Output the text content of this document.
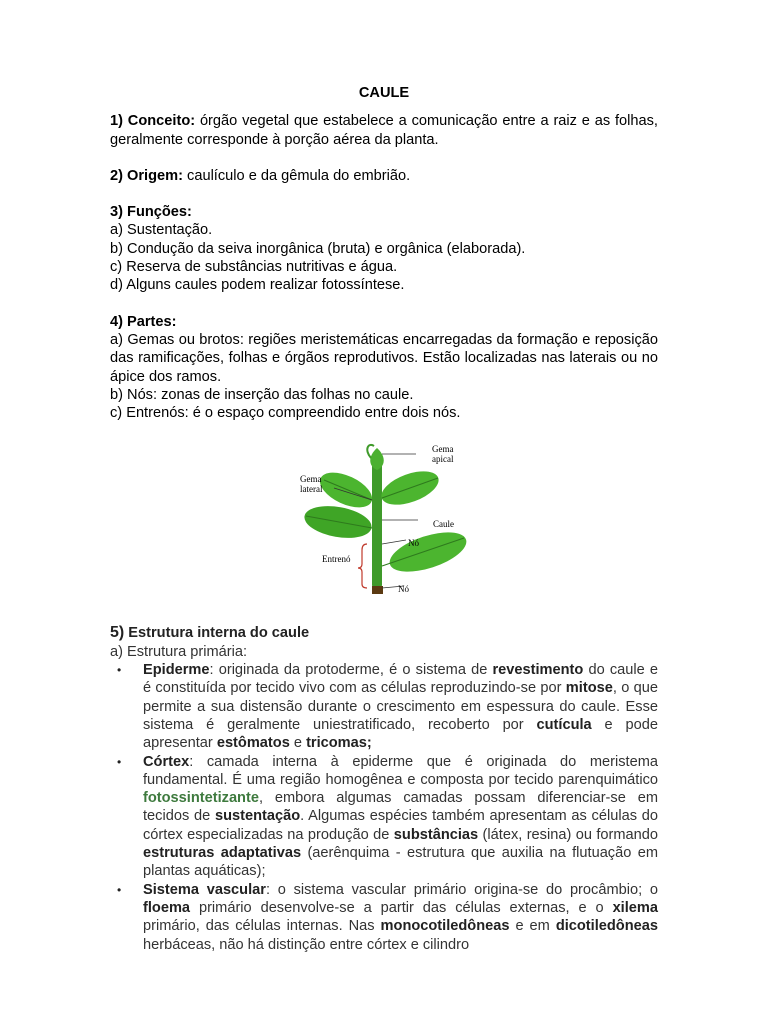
CAULE

1) Conceito: órgão vegetal que estabelece a comunicação entre a raiz e as folhas, geralmente corresponde à porção aérea da planta.

2) Origem: caulículo e da gêmula do embrião.

3) Funções:

a) Sustentação.

b) Condução da seiva inorgânica (bruta) e orgânica (elaborada).

c) Reserva de substâncias nutritivas e água.

d) Alguns caules podem realizar fotossíntese.

4) Partes:

a) Gemas ou brotos: regiões meristemáticas encarregadas da formação e reposição das ramificações, folhas e órgãos reprodutivos. Estão localizadas nas laterais ou no ápice dos ramos.

b) Nós: zonas de inserção das folhas no caule.

c) Entrenós: é o espaço compreendido entre dois nós.

Gema
apical
Gema
lateral
Caule
Nó
Entrenó
Nó
5) Estrutura interna do caule
a) Estrutura primária:
• Epiderme: originada da protoderme, é o sistema de revestimento do caule e é constituída por tecido vivo com as células reproduzindo-se por mitose, o que permite a sua distensão durante o crescimento em espessura do caule. Esse sistema é geralmente uniestratificado, recoberto por cutícula e pode apresentar estômatos e tricomas;
• Córtex: camada interna à epiderme que é originada do meristema fundamental. É uma região homogênea e composta por tecido parenquimático fotossintetizante, embora algumas camadas possam diferenciar-se em tecidos de sustentação. Algumas espécies também apresentam as células do córtex especializadas na produção de substâncias (látex, resina) ou formando estruturas adaptativas (aerênquima - estrutura que auxilia na flutuação em plantas aquáticas);
• Sistema vascular: o sistema vascular primário origina-se do procâmbio; o floema primário desenvolve-se a partir das células externas, e o xilema primário, das células internas. Nas monocotiledôneas e em dicotiledôneas herbáceas, não há distinção entre córtex e cilindro
